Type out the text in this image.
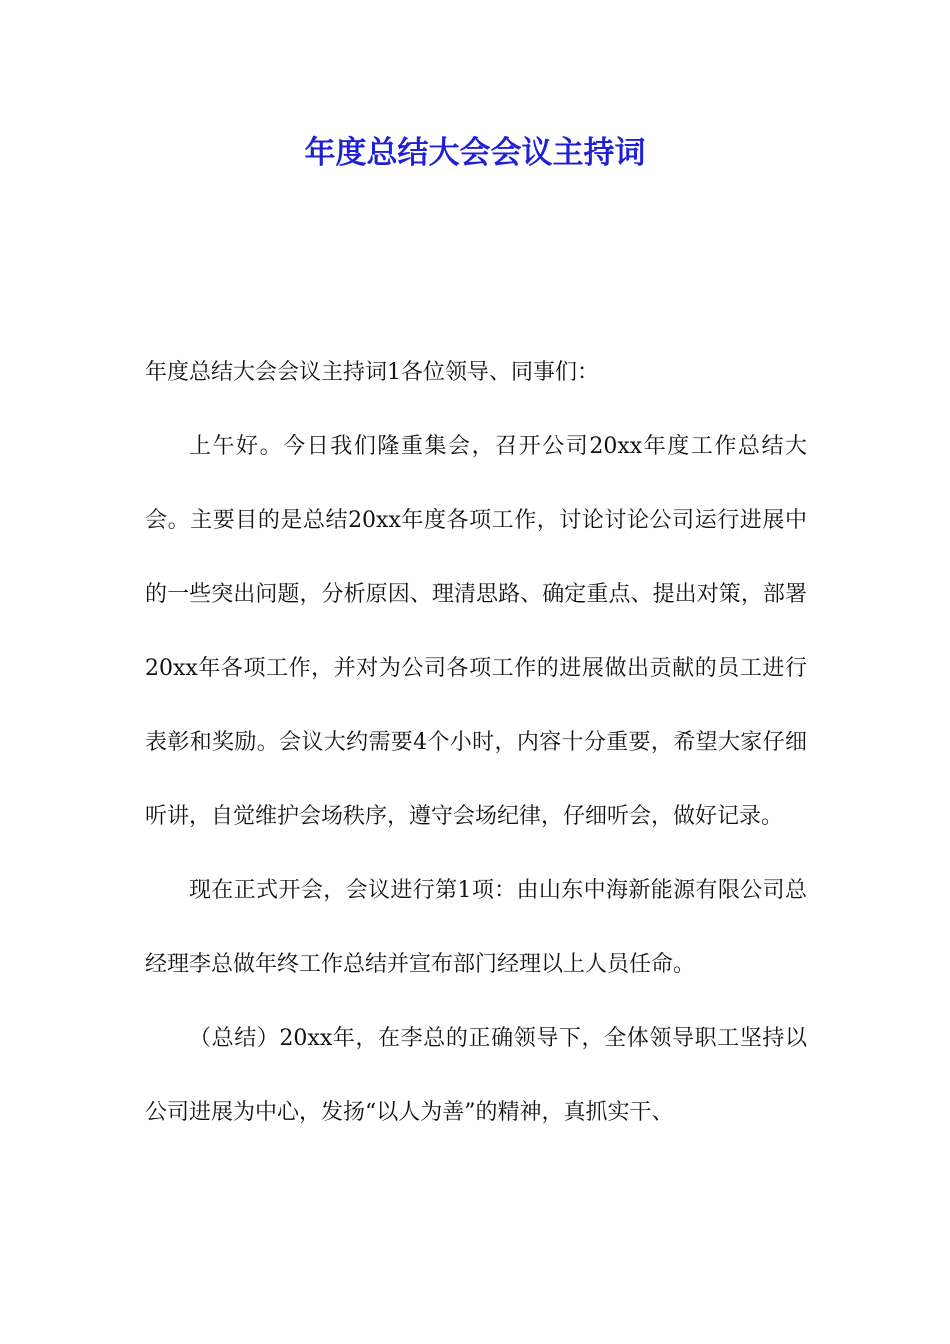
年度总结大会会议主持词

年度总结大会会议主持词1各位领导、同事们：

上午好。今日我们隆重集会，召开公司20xx年度工作总结大会。主要目的是总结20xx年度各项工作，讨论讨论公司运行进展中的一些突出问题，分析原因、理清思路、确定重点、提出对策，部署20xx年各项工作，并对为公司各项工作的进展做出贡献的员工进行表彰和奖励。会议大约需要4个小时，内容十分重要，希望大家仔细听讲，自觉维护会场秩序，遵守会场纪律，仔细听会，做好记录。

现在正式开会，会议进行第1项：由山东中海新能源有限公司总经理李总做年终工作总结并宣布部门经理以上人员任命。

（总结）20xx年，在李总的正确领导下，全体领导职工坚持以公司进展为中心，发扬“以人为善”的精神，真抓实干、
